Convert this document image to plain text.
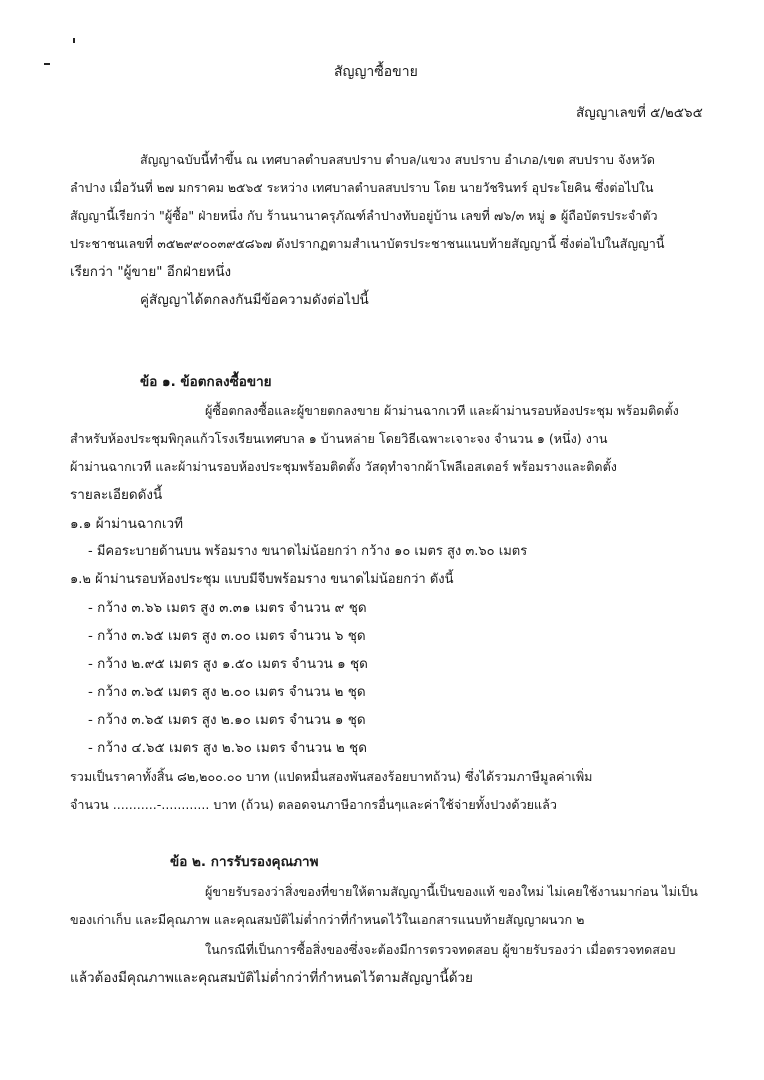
สัญญาซื้อขาย
สัญญาเลขที่ ๕/๒๕๖๕
สัญญาฉบับนี้ทำขึ้น ณ เทศบาลตำบลสบปราบ ตำบล/แขวง สบปราบ อำเภอ/เขต สบปราบ จังหวัด
ลำปาง เมื่อวันที่ ๒๗ มกราคม ๒๕๖๕ ระหว่าง เทศบาลตำบลสบปราบ โดย นายวัชรินทร์ อุประโยคิน ซึ่งต่อไปใน
สัญญานี้เรียกว่า "ผู้ซื้อ" ฝ่ายหนึ่ง กับ ร้านนานาครุภัณฑ์ลำปางทับอยู่บ้าน เลขที่ ๗๖/๓ หมู่ ๑ ผู้ถือบัตรประจำตัว
ประชาชนเลขที่ ๓๕๒๙๙๐๐๓๙๕๘๖๗ ดังปรากฏตามสำเนาบัตรประชาชนแนบท้ายสัญญานี้ ซึ่งต่อไปในสัญญานี้
เรียกว่า "ผู้ขาย" อีกฝ่ายหนึ่ง
คู่สัญญาได้ตกลงกันมีข้อความดังต่อไปนี้
ข้อ ๑. ข้อตกลงซื้อขาย
ผู้ซื้อตกลงซื้อและผู้ขายตกลงขาย ผ้าม่านฉากเวที และผ้าม่านรอบห้องประชุม พร้อมติดตั้ง
สำหรับห้องประชุมพิกุลแก้วโรงเรียนเทศบาล ๑ บ้านหล่าย โดยวิธีเฉพาะเจาะจง จำนวน ๑ (หนึ่ง) งาน
ผ้าม่านฉากเวที และผ้าม่านรอบห้องประชุมพร้อมติดตั้ง วัสดุทำจากผ้าโพลีเอสเตอร์ พร้อมรางและติดตั้ง
รายละเอียดดังนี้
๑.๑ ผ้าม่านฉากเวที
- มีคอระบายด้านบน พร้อมราง ขนาดไม่น้อยกว่า กว้าง ๑๐ เมตร สูง ๓.๖๐ เมตร
๑.๒ ผ้าม่านรอบห้องประชุม แบบมีจีบพร้อมราง ขนาดไม่น้อยกว่า ดังนี้
- กว้าง ๓.๖๖ เมตร สูง ๓.๓๑ เมตร จำนวน ๙ ชุด
- กว้าง ๓.๖๕ เมตร สูง ๓.๐๐ เมตร จำนวน ๖ ชุด
- กว้าง ๒.๙๕ เมตร สูง ๑.๕๐ เมตร จำนวน ๑ ชุด
- กว้าง ๓.๖๕ เมตร สูง ๒.๐๐ เมตร จำนวน ๒ ชุด
- กว้าง ๓.๖๕ เมตร สูง ๒.๑๐ เมตร จำนวน ๑ ชุด
- กว้าง ๔.๖๕ เมตร สูง ๒.๖๐ เมตร จำนวน ๒ ชุด
รวมเป็นราคาทั้งสิ้น ๘๒,๒๐๐.๐๐ บาท (แปดหมื่นสองพันสองร้อยบาทถ้วน) ซึ่งได้รวมภาษีมูลค่าเพิ่ม
จำนวน ...........-............ บาท (ถ้วน) ตลอดจนภาษีอากรอื่นๆและค่าใช้จ่ายทั้งปวงด้วยแล้ว
ข้อ ๒. การรับรองคุณภาพ
ผู้ขายรับรองว่าสิ่งของที่ขายให้ตามสัญญานี้เป็นของแท้ ของใหม่ ไม่เคยใช้งานมาก่อน ไม่เป็น
ของเก่าเก็บ และมีคุณภาพ และคุณสมบัติไม่ต่ำกว่าที่กำหนดไว้ในเอกสารแนบท้ายสัญญาผนวก ๒
ในกรณีที่เป็นการซื้อสิ่งของซึ่งจะต้องมีการตรวจทดสอบ ผู้ขายรับรองว่า เมื่อตรวจทดสอบ
แล้วต้องมีคุณภาพและคุณสมบัติไม่ต่ำกว่าที่กำหนดไว้ตามสัญญานี้ด้วย
